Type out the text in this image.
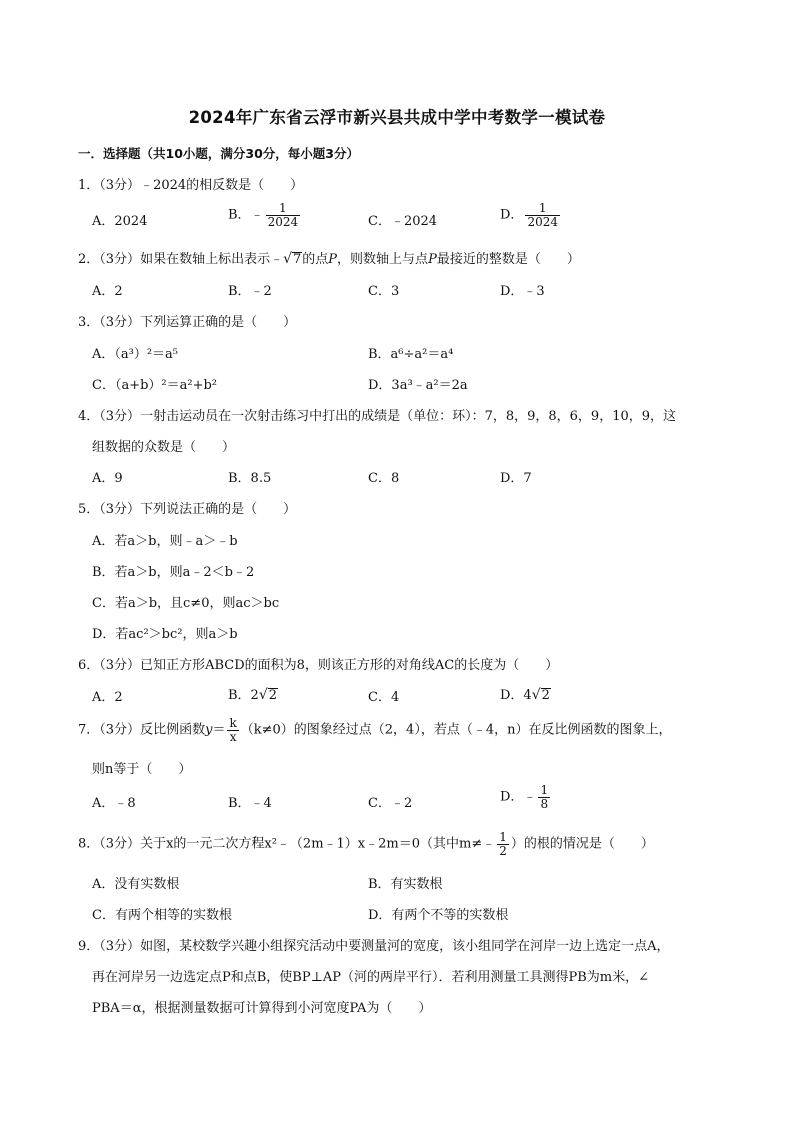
2024年广东省云浮市新兴县共成中学中考数学一模试卷
一．选择题（共10小题，满分30分，每小题3分）
1．（3分）﹣2024的相反数是（　　）
A．2024	B．﹣ $\frac{1}{2024}$	C．﹣2024	D． $\frac{1}{2024}$
2．（3分）如果在数轴上标出表示﹣√7的点P，则数轴上与点P最接近的整数是（　　）
A．2	B．﹣2	C．3	D．﹣3
3．（3分）下列运算正确的是（　　）
A．（a³）²＝a⁵	B．a⁶÷a²＝a⁴
C．（a+b）²＝a²+b²	D．3a³﹣a²＝2a
4．（3分）一射击运动员在一次射击练习中打出的成绩是（单位：环）：7，8，9，8，6，9，10，9，这
组数据的众数是（　　）
A．9	B．8.5	C．8	D．7
5．（3分）下列说法正确的是（　　）
A．若a＞b，则﹣a＞﹣b
B．若a＞b，则a﹣2＜b﹣2
C．若a＞b，且c≠0，则ac＞bc
D．若ac²＞bc²，则a＞b
6．（3分）已知正方形ABCD的面积为8，则该正方形的对角线AC的长度为（　　）
A．2	B．2√2	C．4	D．4√2
7．（3分）反比例函数$y= \frac{k}{x} (k\ne 0)$的图象经过点（2，4），若点（﹣4，n）在反比例函数的图象上，
则n等于（　　）
A．﹣8	B．﹣4	C．﹣2	D．﹣ $\frac{1}{8}$
8．（3分）关于x的一元二次方程x²﹣（2m﹣1）x﹣2m＝0（其中m≠﹣ $\frac{1}{2}$ ）的根的情况是（　　）
A．没有实数根	B．有实数根
C．有两个相等的实数根	D．有两个不等的实数根
9．（3分）如图，某校数学兴趣小组探究活动中要测量河的宽度，该小组同学在河岸一边上选定一点A，
再在河岸另一边选定点P和点B，使BP⊥AP（河的两岸平行）．若利用测量工具测得PB为m米，∠
PBA＝α，根据测量数据可计算得到小河宽度PA为（　　）
